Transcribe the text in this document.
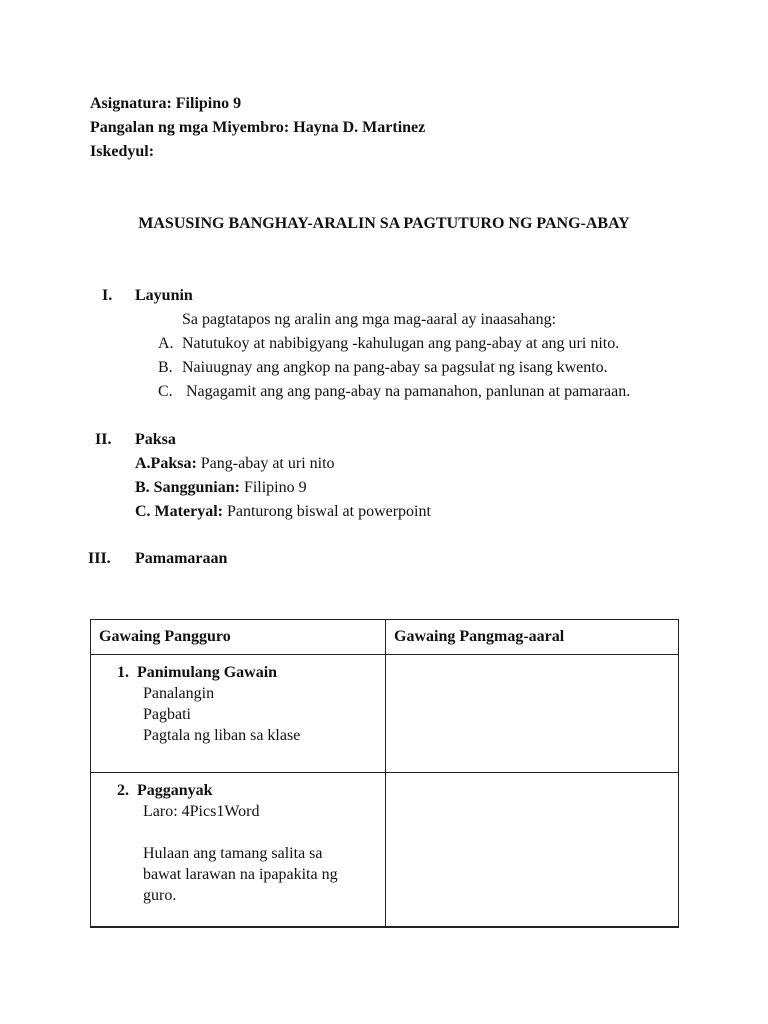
Asignatura: Filipino 9
Pangalan ng mga Miyembro: Hayna D. Martinez
Iskedyul:
MASUSING BANGHAY-ARALIN SA PAGTUTURO NG PANG-ABAY
I. Layunin
Sa pagtatapos ng aralin ang mga mag-aaral ay inaasahang:
A. Natutukoy at nabibigyang -kahulugan ang pang-abay at ang uri nito.
B. Naiuugnay ang angkop na pang-abay sa pagsulat ng isang kwento.
C. Nagagamit ang ang pang-abay na pamanahon, panlunan at pamaraan.
II. Paksa
A.Paksa: Pang-abay at uri nito
B. Sanggunian: Filipino 9
C. Materyal: Panturong biswal at powerpoint
III. Pamamaraan
Gawaing Pangguro	Gawaing Pangmag-aaral

1.  Panimulang Gawain
Panalangin
Pagbati
Pagtala ng liban sa klase	

2.  Pagganyak
Laro: 4Pics1Word
Hulaan ang tamang salita sa
bawat larawan na ipapakita ng
guro.	
